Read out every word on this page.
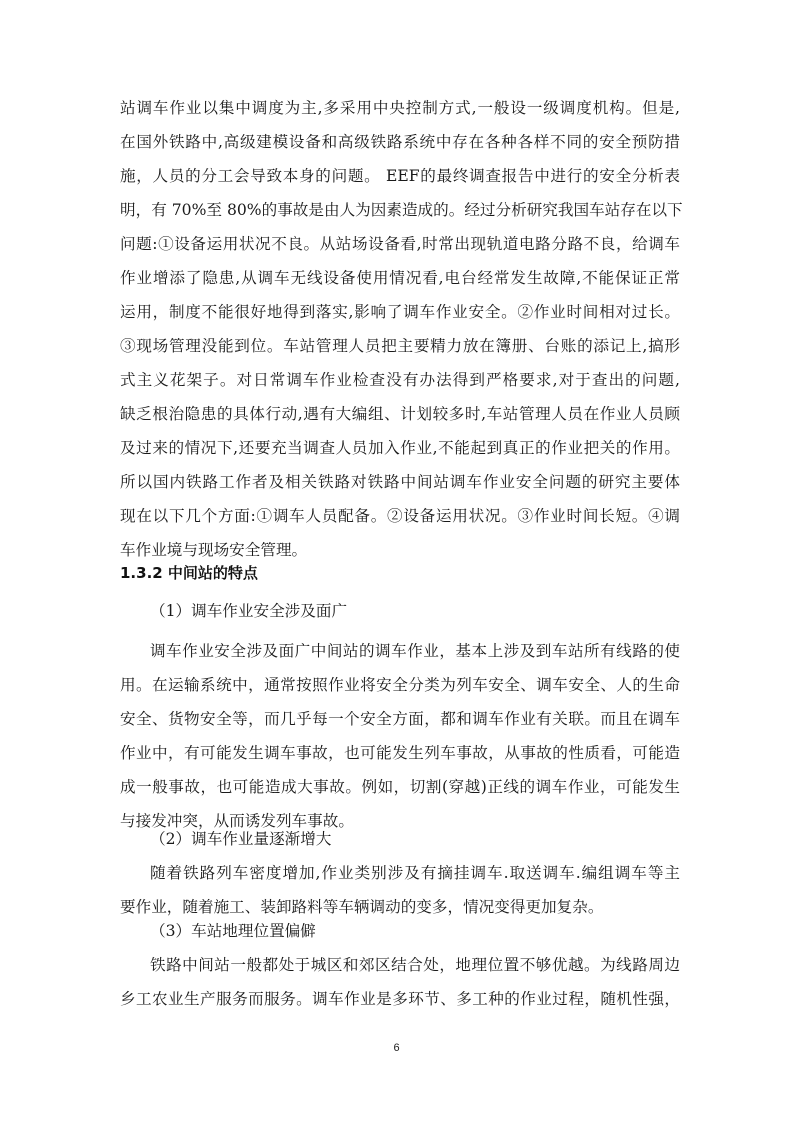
站调车作业以集中调度为主,多采用中央控制方式,一般设一级调度机构。但是,
在国外铁路中,高级建模设备和高级铁路系统中存在各种各样不同的安全预防措
施，人员的分工会导致本身的问题。 EEF的最终调查报告中进行的安全分析表
明，有 70%至 80%的事故是由人为因素造成的。经过分析研究我国车站存在以下
问题:①设备运用状况不良。从站场设备看,时常出现轨道电路分路不良，给调车
作业增添了隐患,从调车无线设备使用情况看,电台经常发生故障,不能保证正常
运用，制度不能很好地得到落实,影响了调车作业安全。②作业时间相对过长。
③现场管理没能到位。车站管理人员把主要精力放在簿册、台账的添记上,搞形
式主义花架子。对日常调车作业检查没有办法得到严格要求,对于查出的问题,
缺乏根治隐患的具体行动,遇有大编组、计划较多时,车站管理人员在作业人员顾
及过来的情况下,还要充当调查人员加入作业,不能起到真正的作业把关的作用。
所以国内铁路工作者及相关铁路对铁路中间站调车作业安全问题的研究主要体
现在以下几个方面:①调车人员配备。②设备运用状况。③作业时间长短。④调
车作业境与现场安全管理。
1.3.2 中间站的特点
（1）调车作业安全涉及面广
调车作业安全涉及面广中间站的调车作业，基本上涉及到车站所有线路的使
用。在运输系统中，通常按照作业将安全分类为列车安全、调车安全、人的生命
安全、货物安全等，而几乎每一个安全方面，都和调车作业有关联。而且在调车
作业中，有可能发生调车事故，也可能发生列车事故，从事故的性质看，可能造
成一般事故，也可能造成大事故。例如，切割(穿越)正线的调车作业，可能发生
与接发冲突，从而诱发列车事故。
（2）调车作业量逐渐增大
随着铁路列车密度增加,作业类别涉及有摘挂调车.取送调车.编组调车等主
要作业，随着施工、装卸路料等车辆调动的变多，情况变得更加复杂。
（3）车站地理位置偏僻
铁路中间站一般都处于城区和郊区结合处，地理位置不够优越。为线路周边
乡工农业生产服务而服务。调车作业是多环节、多工种的作业过程，随机性强，
6
